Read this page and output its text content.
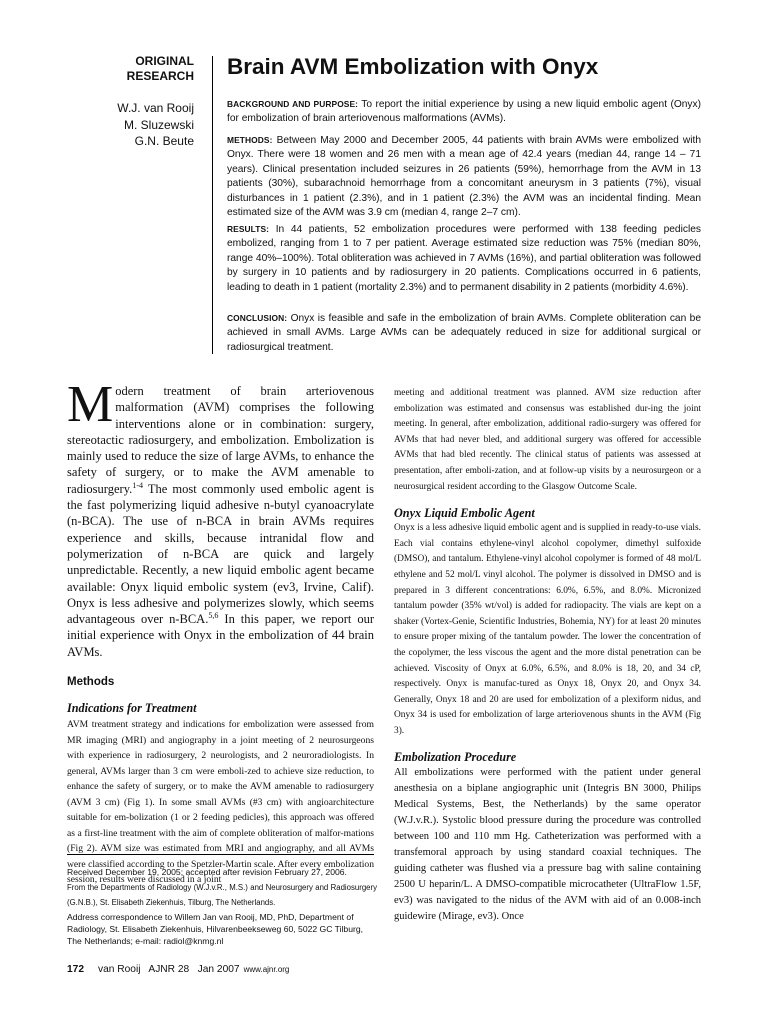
ORIGINAL
RESEARCH
W.J. van Rooij
M. Sluzewski
G.N. Beute
Brain AVM Embolization with Onyx
BACKGROUND AND PURPOSE: To report the initial experience by using a new liquid embolic agent (Onyx) for embolization of brain arteriovenous malformations (AVMs).
METHODS: Between May 2000 and December 2005, 44 patients with brain AVMs were embolized with Onyx. There were 18 women and 26 men with a mean age of 42.4 years (median 44, range 14 – 71 years). Clinical presentation included seizures in 26 patients (59%), hemorrhage from the AVM in 13 patients (30%), subarachnoid hemorrhage from a concomitant aneurysm in 3 patients (7%), visual disturbances in 1 patient (2.3%), and in 1 patient (2.3%) the AVM was an incidental finding. Mean estimated size of the AVM was 3.9 cm (median 4, range 2–7 cm).
RESULTS: In 44 patients, 52 embolization procedures were performed with 138 feeding pedicles embolized, ranging from 1 to 7 per patient. Average estimated size reduction was 75% (median 80%, range 40%–100%). Total obliteration was achieved in 7 AVMs (16%), and partial obliteration was followed by surgery in 10 patients and by radiosurgery in 20 patients. Complications occurred in 6 patients, leading to death in 1 patient (mortality 2.3%) and to permanent disability in 2 patients (morbidity 4.6%).
CONCLUSION: Onyx is feasible and safe in the embolization of brain AVMs. Complete obliteration can be achieved in small AVMs. Large AVMs can be adequately reduced in size for additional surgical or radiosurgical treatment.

Modern treatment of brain arteriovenous malformation (AVM) comprises the following interventions alone or in combination: surgery, stereotactic radiosurgery, and embolization. Embolization is mainly used to reduce the size of large AVMs, to enhance the safety of surgery, or to make the AVM amenable to radiosurgery.$^{1-4}$ The most commonly used embolic agent is the fast polymerizing liquid adhesive n-butyl cyanoacrylate (n-BCA). The use of n-BCA in brain AVMs requires experience and skills, because intranidal flow and polymerization of n-BCA are quick and largely unpredictable. Recently, a new liquid embolic agent became available: Onyx liquid embolic system (ev3, Irvine, Calif). Onyx is less adhesive and polymerizes slowly, which seems advantageous over n-BCA.$^{5,6}$ In this paper, we report our initial experience with Onyx in the embolization of 44 brain AVMs.

Methods
Indications for Treatment

AVM treatment strategy and indications for embolization were assessed from MR imaging (MRI) and angiography in a joint meeting of 2 neurosurgeons with experience in radiosurgery, 2 neurologists, and 2 neuroradiologists. In general, AVMs larger than 3 cm were emboli-zed to achieve size reduction, to enhance the safety of surgery, or to make the AVM amenable to radiosurgery (AVM 3 cm) (Fig 1). In some small AVMs (#3 cm) with angioarchitecture suitable for em-bolization (1 or 2 feeding pedicles), this approach was offered as a first-line treatment with the aim of complete obliteration of malfor-mations (Fig 2). AVM size was estimated from MRI and angiography, and all AVMs were classified according to the Spetzler-Martin scale. After every embolization session, results were discussed in a joint

Received December 19, 2005; accepted after revision February 27, 2006.

From the Departments of Radiology (W.J.v.R., M.S.) and Neurosurgery and Radiosurgery (G.N.B.), St. Elisabeth Ziekenhuis, Tilburg, The Netherlands.

Address correspondence to Willem Jan van Rooij, MD, PhD, Department of Radiology, St. Elisabeth Ziekenhuis, Hilvarenbeekseweg 60, 5022 GC Tilburg, The Netherlands; e-mail: radiol@knmg.nl

meeting and additional treatment was planned. AVM size reduction after embolization was estimated and consensus was established dur-ing the joint meeting. In general, after embolization, additional radio-surgery was offered for AVMs that had never bled, and additional surgery was offered for accessible AVMs that had bled recently. The clinical status of patients was assessed at presentation, after emboli-zation, and at follow-up visits by a neurosurgeon or a neurosurgical resident according to the Glasgow Outcome Scale.

Onyx Liquid Embolic Agent

Onyx is a less adhesive liquid embolic agent and is supplied in ready-to-use vials. Each vial contains ethylene-vinyl alcohol copolymer, dimethyl sulfoxide (DMSO), and tantalum. Ethylene-vinyl alcohol copolymer is formed of 48 mol/L ethylene and 52 mol/L vinyl alcohol. The polymer is dissolved in DMSO and is prepared in 3 different concentrations: 6.0%, 6.5%, and 8.0%. Micronized tantalum powder (35% wt/vol) is added for radiopacity. The vials are kept on a shaker (Vortex-Genie, Scientific Industries, Bohemia, NY) for at least 20 minutes to ensure proper mixing of the tantalum powder. The lower the concentration of the copolymer, the less viscous the agent and the more distal penetration can be achieved. Viscosity of Onyx at 6.0%, 6.5%, and 8.0% is 18, 20, and 34 cP, respectively. Onyx is manufac-tured as Onyx 18, Onyx 20, and Onyx 34. Generally, Onyx 18 and 20 are used for embolization of a plexiform nidus, and Onyx 34 is used for embolization of large arteriovenous shunts in the AVM (Fig 3).

Embolization Procedure

All embolizations were performed with the patient under general anesthesia on a biplane angiographic unit (Integris BN 3000, Philips Medical Systems, Best, the Netherlands) by the same operator (W.J.v.R.). Systolic blood pressure during the procedure was controlled between 100 and 110 mm Hg. Catheterization was performed with a transfemoral approach by using standard coaxial techniques. The guiding catheter was flushed via a pressure bag with saline containing 2500 U heparin/L. A DMSO-compatible microcatheter (UltraFlow 1.5F, ev3) was navigated to the nidus of the AVM with aid of an 0.008-inch guidewire (Mirage, ev3). Once

172 van Rooij   AJNR 28   Jan 2007 www.ajnr.org
